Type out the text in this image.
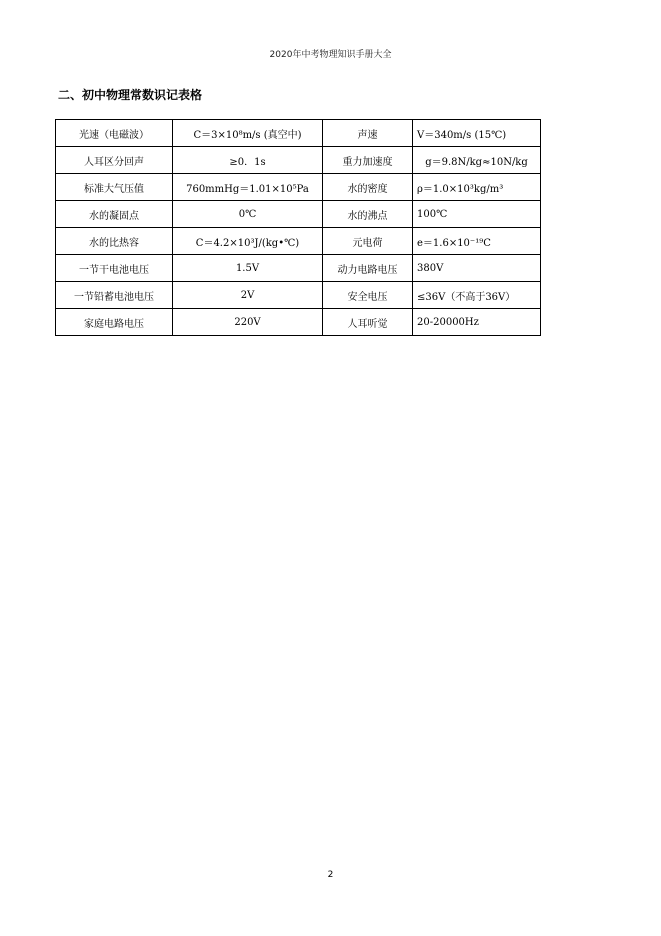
2020年中考物理知识手册大全
二、初中物理常数识记表格
光速（电磁波）	C＝3×10⁸m/s (真空中)	声速	V＝340m/s (15℃)
人耳区分回声	≥0．1s	重力加速度	g＝9.8N/kg≈10N/kg
标准大气压值	760mmHg＝1.01×10⁵Pa	水的密度	ρ＝1.0×10³kg/m³
水的凝固点	0℃	水的沸点	100℃
水的比热容	C＝4.2×10³J/(kg•℃)	元电荷	e＝1.6×10⁻¹⁹C
一节干电池电压	1.5V	动力电路电压	380V
一节铅蓄电池电压	2V	安全电压	≤36V（不高于36V）
家庭电路电压	220V	人耳听觉	20-20000Hz
2
